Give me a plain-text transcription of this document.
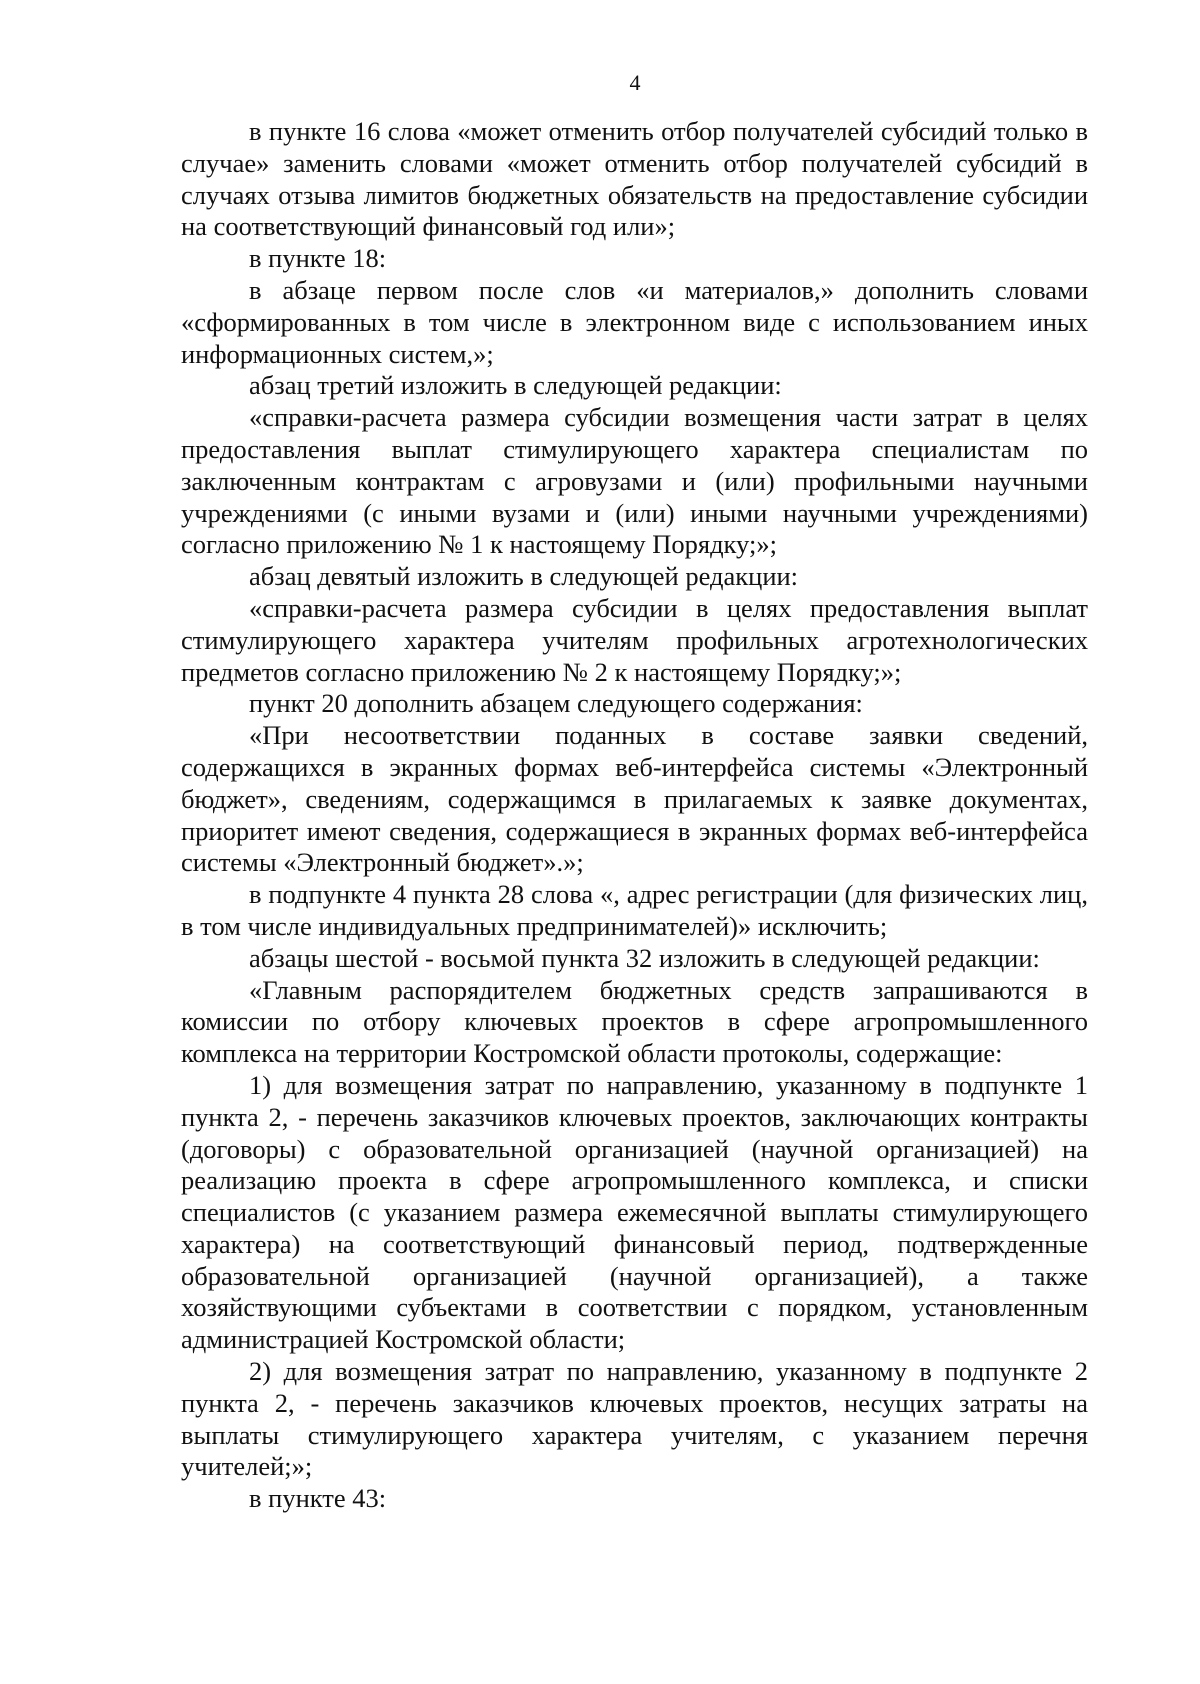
4

в пункте 16 слова «может отменить отбор получателей субсидий только в случае» заменить словами «может отменить отбор получателей субсидий в случаях отзыва лимитов бюджетных обязательств на предоставление субсидии на соответствующий финансовый год или»;

в пункте 18:

в абзаце первом после слов «и материалов,» дополнить словами «сформированных в том числе в электронном виде с использованием иных информационных систем,»;

абзац третий изложить в следующей редакции:

«справки-расчета размера субсидии возмещения части затрат в целях предоставления выплат стимулирующего характера специалистам по заключенным контрактам с агровузами и (или) профильными научными учреждениями (с иными вузами и (или) иными научными учреждениями) согласно приложению № 1 к настоящему Порядку;»;

абзац девятый изложить в следующей редакции:

«справки-расчета размера субсидии в целях предоставления выплат стимулирующего характера учителям профильных агротехнологических предметов согласно приложению № 2 к настоящему Порядку;»;

пункт 20 дополнить абзацем следующего содержания:

«При несоответствии поданных в составе заявки сведений, содержащихся в экранных формах веб-интерфейса системы «Электронный бюджет», сведениям, содержащимся в прилагаемых к заявке документах, приоритет имеют сведения, содержащиеся в экранных формах веб-интерфейса системы «Электронный бюджет».»;

в подпункте 4 пункта 28 слова «, адрес регистрации (для физических лиц, в том числе индивидуальных предпринимателей)» исключить;

абзацы шестой - восьмой пункта 32 изложить в следующей редакции:

«Главным распорядителем бюджетных средств запрашиваются в комиссии по отбору ключевых проектов в сфере агропромышленного комплекса на территории Костромской области протоколы, содержащие:

1) для возмещения затрат по направлению, указанному в подпункте 1 пункта 2, - перечень заказчиков ключевых проектов, заключающих контракты (договоры) с образовательной организацией (научной организацией) на реализацию проекта в сфере агропромышленного комплекса, и списки специалистов (с указанием размера ежемесячной выплаты стимулирующего характера) на соответствующий финансовый период, подтвержденные образовательной организацией (научной организацией), а также хозяйствующими субъектами в соответствии с порядком, установленным администрацией Костромской области;

2) для возмещения затрат по направлению, указанному в подпункте 2 пункта 2, - перечень заказчиков ключевых проектов, несущих затраты на выплаты стимулирующего характера учителям, с указанием перечня учителей;»;

в пункте 43:
